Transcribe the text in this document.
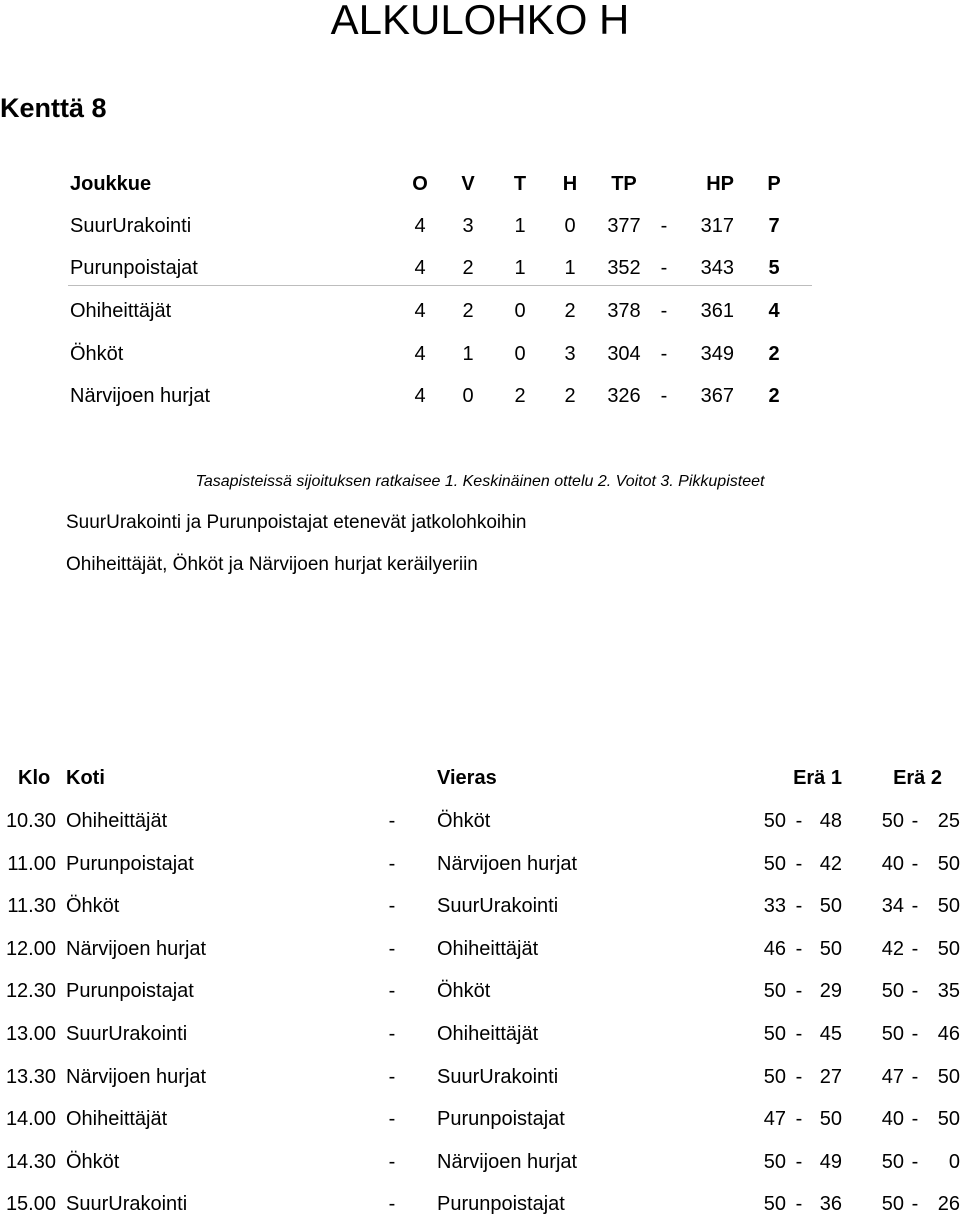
ALKULOHKO H
Kenttä 8
Joukkue	O V T H	TP	HP P
SuurUrakointi	4	3	1	0	377 -	317	7
Purunpoistajat	4	2	1	1	352 -	343	5
Ohiheittäjät	4	2	0	2	378 -	361	4
Öhköt	4	1	0	3	304 -	349	2
Närvijoen hurjat	4	0	2	2	326 -	367	2
Tasapisteissä sijoituksen ratkaisee 1. Keskinäinen ottelu 2. Voitot 3. Pikkupisteet
SuurUrakointi ja Purunpoistajat etenevät jatkolohkoihin
Ohiheittäjät, Öhköt ja Närvijoen hurjat keräilyeriin
Klo Koti	Vieras	Erä 1	Erä 2
10.30 Ohiheittäjät	- Öhköt	50 - 48	50 - 25
11.00 Purunpoistajat	- Närvijoen hurjat	50 - 42	40 - 50
11.30 Öhköt	- SuurUrakointi	33 - 50	34 - 50
12.00 Närvijoen hurjat	- Ohiheittäjät	46 - 50	42 - 50
12.30 Purunpoistajat	- Öhköt	50 - 29	50 - 35
13.00 SuurUrakointi	- Ohiheittäjät	50 - 45	50 - 46
13.30 Närvijoen hurjat	- SuurUrakointi	50 - 27	47 - 50
14.00 Ohiheittäjät	- Purunpoistajat	47 - 50	40 - 50
14.30 Öhköt	- Närvijoen hurjat	50 - 49	50 -	0
15.00 SuurUrakointi	- Purunpoistajat	50 - 36	50 - 26
